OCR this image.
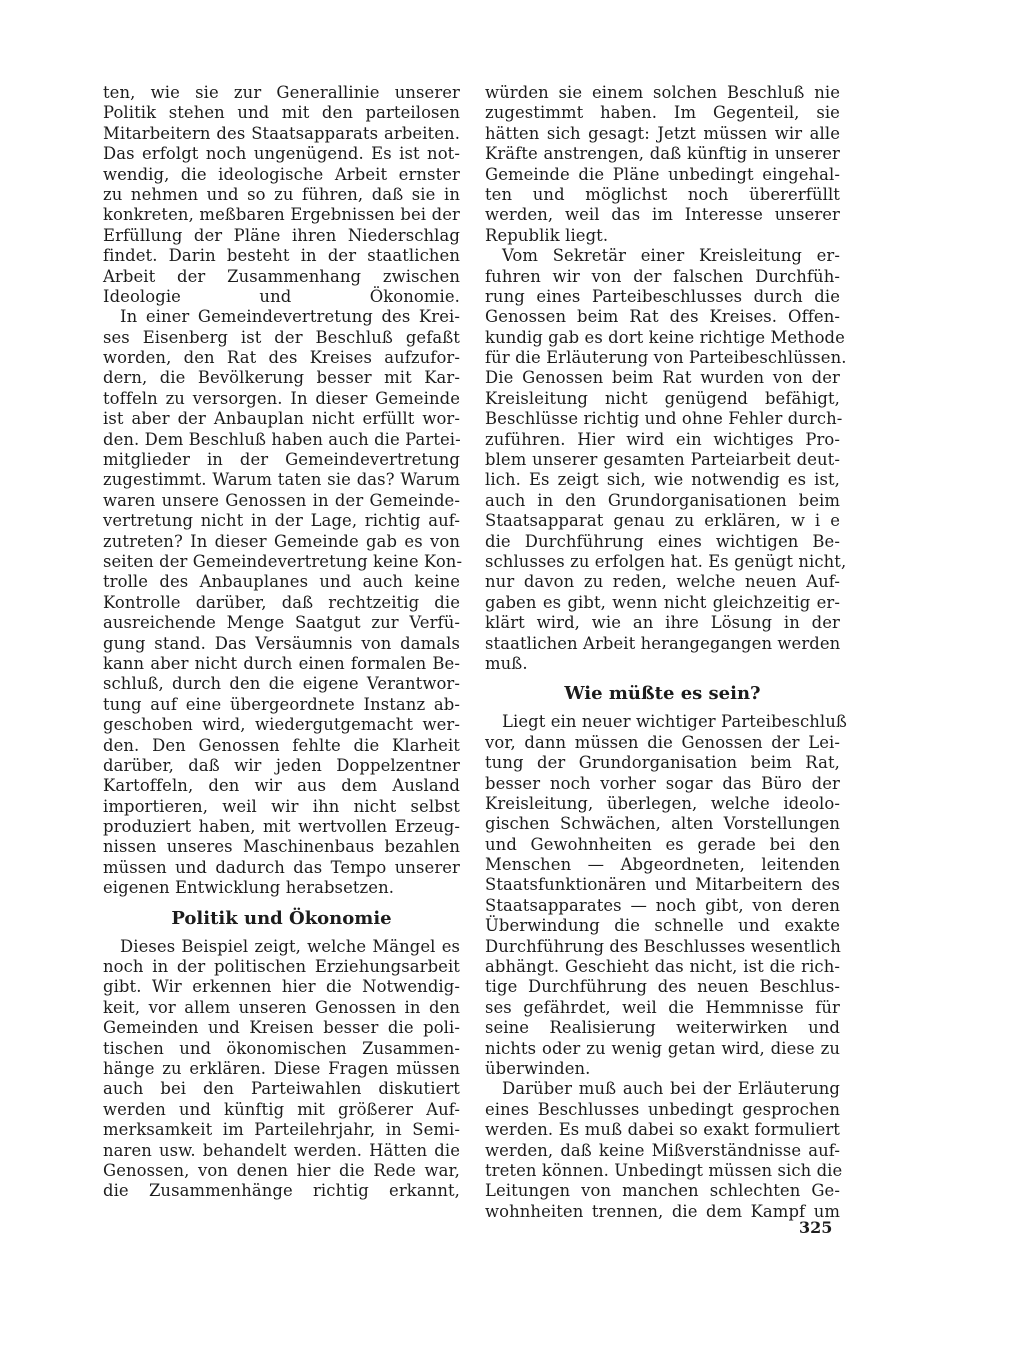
ten, wie sie zur Generallinie unserer
Politik stehen und mit den parteilosen
Mitarbeitern des Staatsapparats arbeiten.
Das erfolgt noch ungenügend. Es ist not-
wendig, die ideologische Arbeit ernster
zu nehmen und so zu führen, daß sie in
konkreten, meßbaren Ergebnissen bei der
Erfüllung der Pläne ihren Niederschlag
findet. Darin besteht in der staatlichen
Arbeit der Zusammenhang zwischen
Ideologie und Ökonomie.
In einer Gemeindevertretung des Krei-
ses Eisenberg ist der Beschluß gefaßt
worden, den Rat des Kreises aufzufor-
dern, die Bevölkerung besser mit Kar-
toffeln zu versorgen. In dieser Gemeinde
ist aber der Anbauplan nicht erfüllt wor-
den. Dem Beschluß haben auch die Partei-
mitglieder in der Gemeindevertretung
zugestimmt. Warum taten sie das? Warum
waren unsere Genossen in der Gemeinde-
vertretung nicht in der Lage, richtig auf-
zutreten? In dieser Gemeinde gab es von
seiten der Gemeindevertretung keine Kon-
trolle des Anbauplanes und auch keine
Kontrolle darüber, daß rechtzeitig die
ausreichende Menge Saatgut zur Verfü-
gung stand. Das Versäumnis von damals
kann aber nicht durch einen formalen Be-
schluß, durch den die eigene Verantwor-
tung auf eine übergeordnete Instanz ab-
geschoben wird, wiedergutgemacht wer-
den. Den Genossen fehlte die Klarheit
darüber, daß wir jeden Doppelzentner
Kartoffeln, den wir aus dem Ausland
importieren, weil wir ihn nicht selbst
produziert haben, mit wertvollen Erzeug-
nissen unseres Maschinenbaus bezahlen
müssen und dadurch das Tempo unserer
eigenen Entwicklung herabsetzen.
Politik und Ökonomie
Dieses Beispiel zeigt, welche Mängel es
noch in der politischen Erziehungsarbeit
gibt. Wir erkennen hier die Notwendig-
keit, vor allem unseren Genossen in den
Gemeinden und Kreisen besser die poli-
tischen und ökonomischen Zusammen-
hänge zu erklären. Diese Fragen müssen
auch bei den Parteiwahlen diskutiert
werden und künftig mit größerer Auf-
merksamkeit im Parteilehrjahr, in Semi-
naren usw. behandelt werden. Hätten die
Genossen, von denen hier die Rede war,
die Zusammenhänge richtig erkannt,
würden sie einem solchen Beschluß nie
zugestimmt haben. Im Gegenteil, sie
hätten sich gesagt: Jetzt müssen wir alle
Kräfte anstrengen, daß künftig in unserer
Gemeinde die Pläne unbedingt eingehal-
ten und möglichst noch übererfüllt
werden, weil das im Interesse unserer
Republik liegt.
Vom Sekretär einer Kreisleitung er-
fuhren wir von der falschen Durchfüh-
rung eines Parteibeschlusses durch die
Genossen beim Rat des Kreises. Offen-
kundig gab es dort keine richtige Methode
für die Erläuterung von Parteibeschlüssen.
Die Genossen beim Rat wurden von der
Kreisleitung nicht genügend befähigt,
Beschlüsse richtig und ohne Fehler durch-
zuführen. Hier wird ein wichtiges Pro-
blem unserer gesamten Parteiarbeit deut-
lich. Es zeigt sich, wie notwendig es ist,
auch in den Grundorganisationen beim
Staatsapparat genau zu erklären, w i e
die Durchführung eines wichtigen Be-
schlusses zu erfolgen hat. Es genügt nicht,
nur davon zu reden, welche neuen Auf-
gaben es gibt, wenn nicht gleichzeitig er-
klärt wird, wie an ihre Lösung in der
staatlichen Arbeit herangegangen werden
muß.
Wie müßte es sein?
Liegt ein neuer wichtiger Parteibeschluß
vor, dann müssen die Genossen der Lei-
tung der Grundorganisation beim Rat,
besser noch vorher sogar das Büro der
Kreisleitung, überlegen, welche ideolo-
gischen Schwächen, alten Vorstellungen
und Gewohnheiten es gerade bei den
Menschen — Abgeordneten, leitenden
Staatsfunktionären und Mitarbeitern des
Staatsapparates — noch gibt, von deren
Überwindung die schnelle und exakte
Durchführung des Beschlusses wesentlich
abhängt. Geschieht das nicht, ist die rich-
tige Durchführung des neuen Beschlus-
ses gefährdet, weil die Hemmnisse für
seine Realisierung weiterwirken und
nichts oder zu wenig getan wird, diese zu
überwinden.
Darüber muß auch bei der Erläuterung
eines Beschlusses unbedingt gesprochen
werden. Es muß dabei so exakt formuliert
werden, daß keine Mißverständnisse auf-
treten können. Unbedingt müssen sich die
Leitungen von manchen schlechten Ge-
wohnheiten trennen, die dem Kampf um
325
